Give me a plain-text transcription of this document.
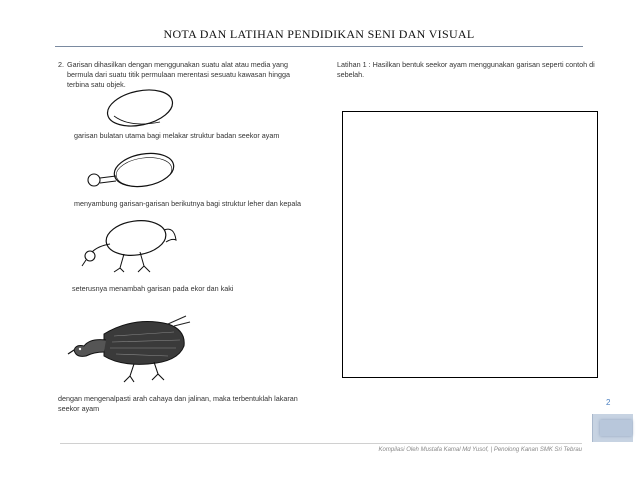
NOTA DAN LATIHAN PENDIDIKAN SENI DAN VISUAL
2. Garisan dihasilkan dengan menggunakan suatu alat atau media yang bermula dari suatu titik permulaan merentasi sesuatu kawasan hingga terbina satu objek.
garisan bulatan utama bagi melakar struktur badan seekor ayam
menyambung garisan-garisan berikutnya bagi struktur leher dan kepala
seterusnya menambah garisan pada ekor dan kaki
dengan mengenalpasti arah cahaya dan jalinan, maka terbentuklah lakaran seekor ayam
Latihan 1 : Hasilkan bentuk seekor ayam menggunakan garisan seperti contoh di sebelah.
2
Kompilasi Oleh Mustafa Kamal Md Yusof, | Penolong Kanan SMK Sri Tebrau
